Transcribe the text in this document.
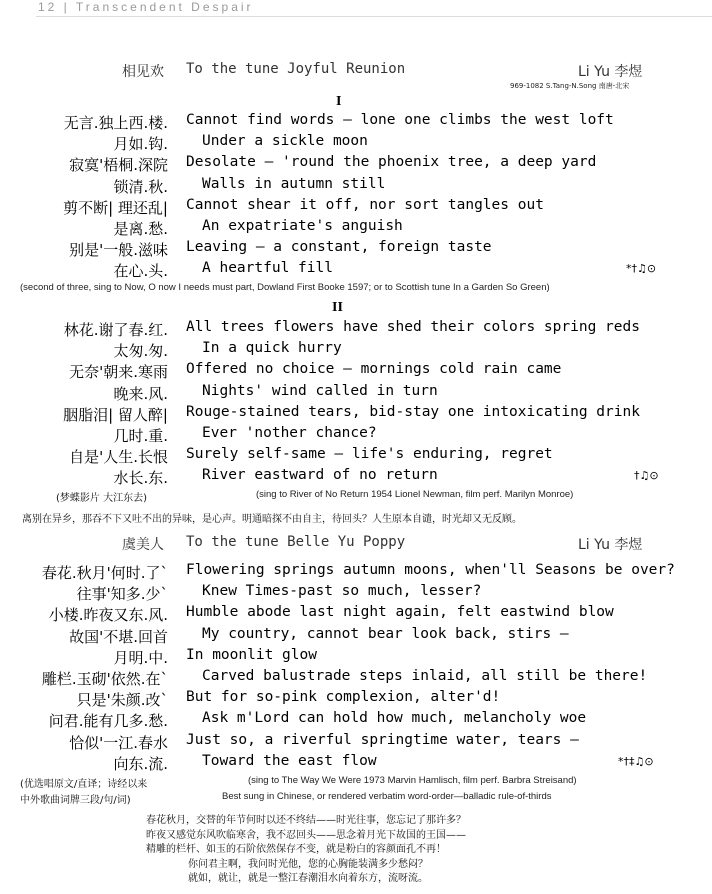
12 | Transcendent Despair
相见欢 To the tune Joyful Reunion	Li Yu 李煜
969-1082 S.Tang-N.Song 南唐-北宋
I
无言.独上西.楼. Cannot find words — lone one climbs the west loft
月如.钩. Under a sickle moon
寂寞'梧桐.深院 Desolate — 'round the phoenix tree, a deep yard
锁清.秋. Walls in autumn still
剪不断| 理还乱| Cannot shear it off, nor sort tangles out
是离.愁. An expatriate's anguish
别是'一般.滋味 Leaving — a constant, foreign taste
在心.头. A heartful fill	*†♫⊙
(second of three, sing to Now, O now I needs must part, Dowland First Booke 1597; or to Scottish tune In a Garden So Green)
II
林花.谢了春.红. All trees flowers have shed their colors spring reds
太匆.匆. In a quick hurry
无奈'朝来.寒雨 Offered no choice — mornings cold rain came
晚来.风. Nights' wind called in turn
胭脂泪| 留人醉| Rouge-stained tears, bid-stay one intoxicating drink
几时.重. Ever 'nother chance?
自是'人生.长恨 Surely self-same — life's enduring, regret
水长.东. River eastward of no return	†♫⊙
(梦蝶影片 大江东去)	(sing to River of No Return 1954 Lionel Newman, film perf. Marilyn Monroe)
离别在异乡，那吞不下又吐不出的异味，是心声。明通暗探不由自主，待回头？人生原本自谴，时光却又无反顾。
虞美人 To the tune Belle Yu Poppy	Li Yu 李煜
春花.秋月'何时.了` Flowering springs autumn moons, when'll Seasons be over?
往事'知多.少` Knew Times-past so much, lesser?
小楼.昨夜又东.风. Humble abode last night again, felt eastwind blow
故国'不堪.回首 My country, cannot bear look back, stirs —
月明.中. In moonlit glow
雕栏.玉砌'依然.在` Carved balustrade steps inlaid, all still be there!
只是'朱颜.改` But for so-pink complexion, alter'd!
问君.能有几多.愁. Ask m'Lord can hold how much, melancholy woe
恰似'一江.春水 Just so, a riverful springtime water, tears —
向东.流. Toward the east flow	*†‡♫⊙
(优选唱原文/直译；诗经以来	(sing to The Way We Were 1973 Marvin Hamlisch, film perf. Barbra Streisand)
中外歌曲词牌三段/句/词)	Best sung in Chinese, or rendered verbatim word-order—balladic rule-of-thirds
春花秋月，交替的年节何时以还不终结——时光往事，您忘记了那许多？
昨夜又感觉东风吹临寒舍，我不忍回头——思念着月光下故国的王国——
精雕的栏杆、如玉的石阶依然保存不变，就是粉白的容颜面孔不再！
你问君主啊，我问时光他，您的心胸能装满多少愁闷？
就如，就让，就是一整江春潮泪水向着东方，流呀流。
